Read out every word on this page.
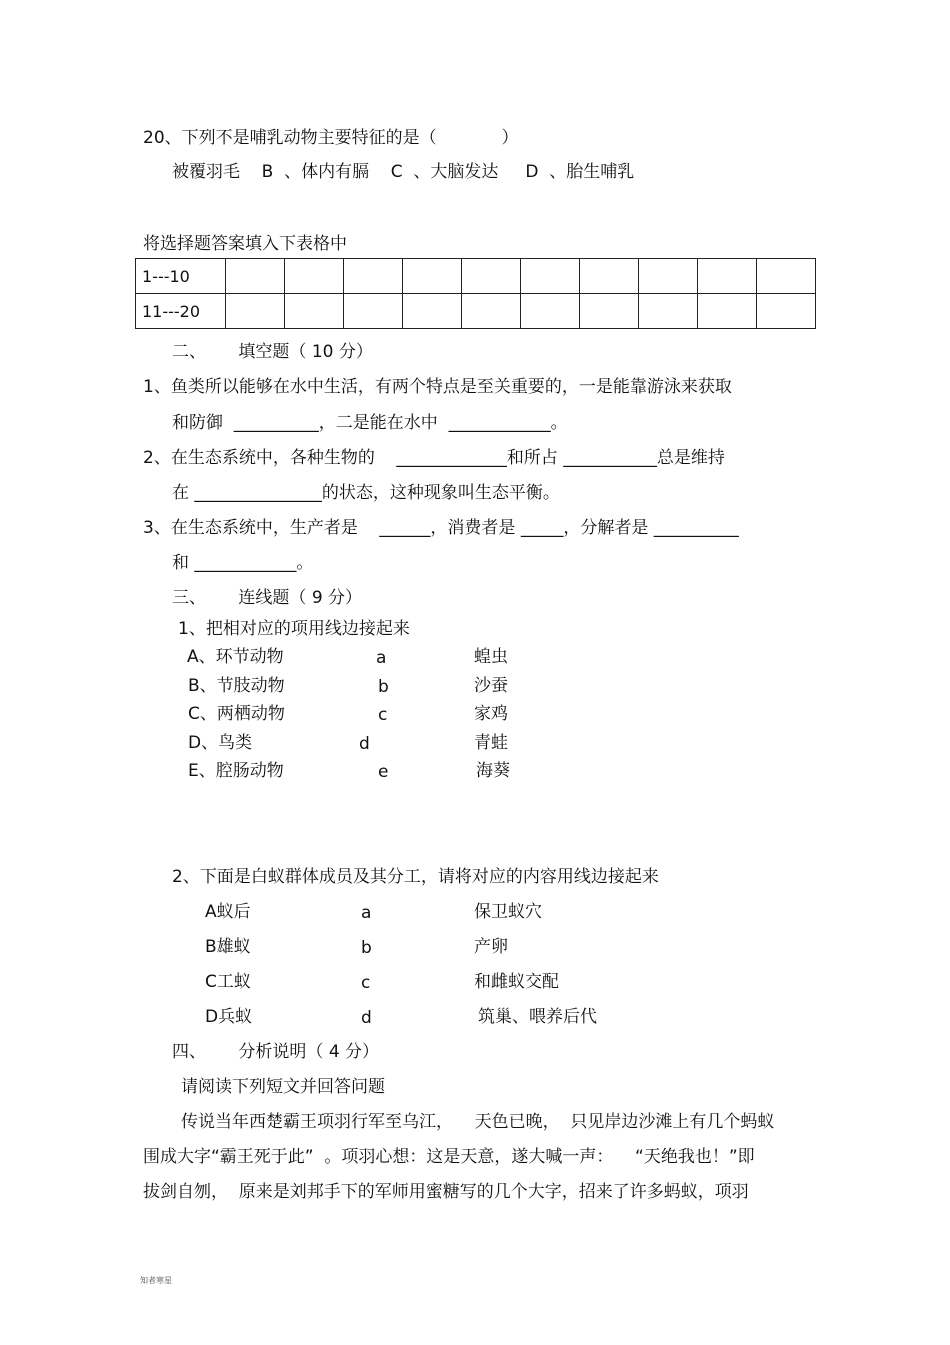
20、下列不是哺乳动物主要特征的是（            ）
被覆羽毛    B  、体内有膈    C  、大脑发达     D  、胎生哺乳
将选择题答案填入下表格中
1---10										
11---20										
二、      填空题（ 10 分）
1、鱼类所以能够在水中生活，有两个特点是至关重要的，一是能靠游泳来获取
和防御  __________，二是能在水中  ____________。
2、在生态系统中，各种生物的    _____________和所占 ___________总是维持
在 _______________的状态，这种现象叫生态平衡。
3、在生态系统中，生产者是    ______，消费者是 _____，分解者是 __________
和 ____________。
三、      连线题（ 9 分）
1、把相对应的项用线边接起来
A、环节动物	a	蝗虫
B、节肢动物	b	沙蚕
C、两栖动物	c	家鸡
D、鸟类	d	青蛙
E、腔肠动物	e	海葵
2、下面是白蚁群体成员及其分工，请将对应的内容用线边接起来
A蚁后	a	保卫蚁穴
B雄蚁	b	产卵
C工蚁	c	和雌蚁交配
D兵蚁	d	筑巢、喂养后代
四、      分析说明（ 4 分）
请阅读下列短文并回答问题
传说当年西楚霸王项羽行军至乌江，    天色已晚，  只见岸边沙滩上有几个蚂蚁
围成大字“霸王死于此”  。项羽心想：这是天意，遂大喊一声：    “天绝我也！”即
拔剑自刎，  原来是刘邦手下的军师用蜜糖写的几个大字，招来了许多蚂蚁，项羽
知者寒星
